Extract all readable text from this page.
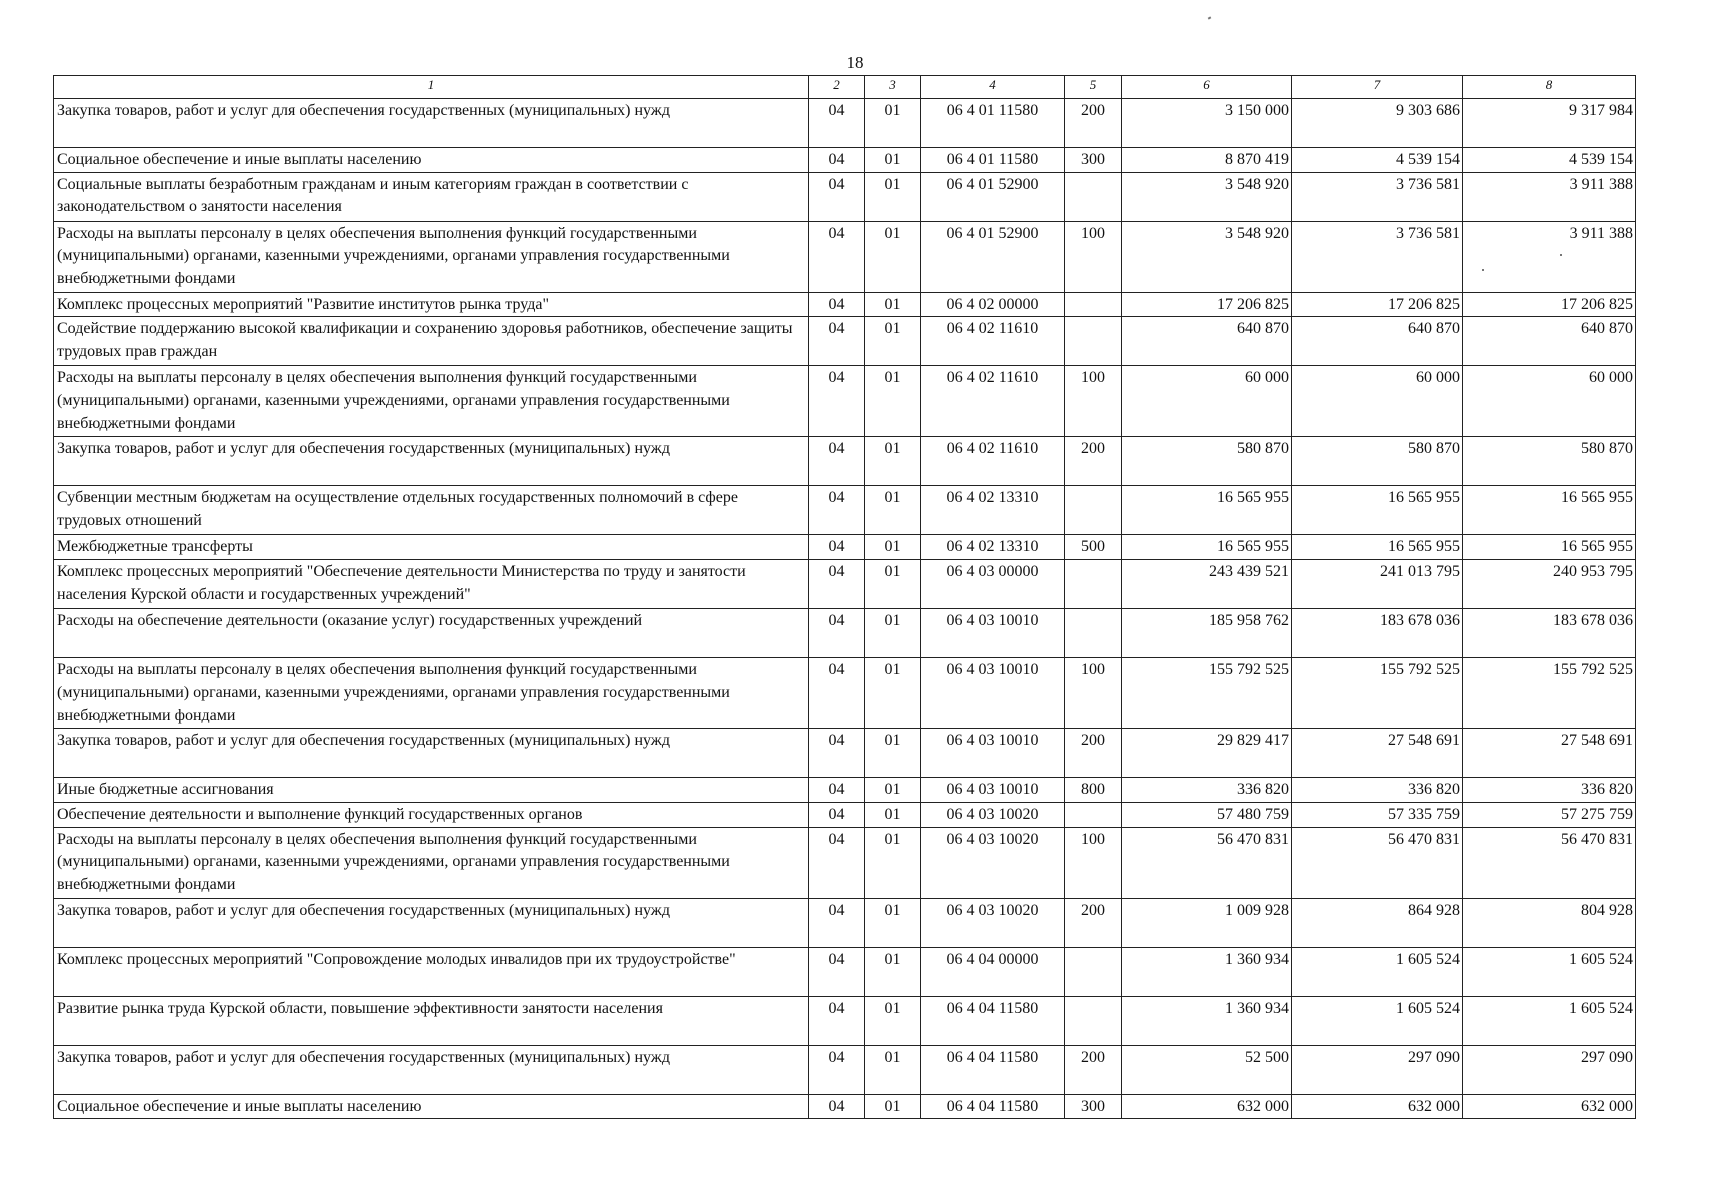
18
1	2	3	4	5	6	7	8
Закупка товаров, работ и услуг для обеспечения государственных (муниципальных) нужд	04	01	06 4 01 11580	200	3 150 000	9 303 686	9 317 984
Социальное обеспечение и иные выплаты населению	04	01	06 4 01 11580	300	8 870 419	4 539 154	4 539 154
Социальные выплаты безработным гражданам и иным категориям граждан в соответствии с законодательством о занятости населения	04	01	06 4 01 52900		3 548 920	3 736 581	3 911 388
Расходы на выплаты персоналу в целях обеспечения выполнения функций государственными (муниципальными) органами, казенными учреждениями, органами управления государственными внебюджетными фондами	04	01	06 4 01 52900	100	3 548 920	3 736 581	3 911 388
Комплекс процессных мероприятий "Развитие институтов рынка труда"	04	01	06 4 02 00000		17 206 825	17 206 825	17 206 825
Содействие поддержанию высокой квалификации и сохранению здоровья работников, обеспечение защиты трудовых прав граждан	04	01	06 4 02 11610		640 870	640 870	640 870
Расходы на выплаты персоналу в целях обеспечения выполнения функций государственными (муниципальными) органами, казенными учреждениями, органами управления государственными внебюджетными фондами	04	01	06 4 02 11610	100	60 000	60 000	60 000
Закупка товаров, работ и услуг для обеспечения государственных (муниципальных) нужд	04	01	06 4 02 11610	200	580 870	580 870	580 870
Субвенции местным бюджетам на осуществление отдельных государственных полномочий в сфере трудовых отношений	04	01	06 4 02 13310		16 565 955	16 565 955	16 565 955
Межбюджетные трансферты	04	01	06 4 02 13310	500	16 565 955	16 565 955	16 565 955
Комплекс процессных мероприятий "Обеспечение деятельности Министерства по труду и занятости населения Курской области и государственных учреждений"	04	01	06 4 03 00000		243 439 521	241 013 795	240 953 795
Расходы на обеспечение деятельности (оказание услуг) государственных учреждений	04	01	06 4 03 10010		185 958 762	183 678 036	183 678 036
Расходы на выплаты персоналу в целях обеспечения выполнения функций государственными (муниципальными) органами, казенными учреждениями, органами управления государственными внебюджетными фондами	04	01	06 4 03 10010	100	155 792 525	155 792 525	155 792 525
Закупка товаров, работ и услуг для обеспечения государственных (муниципальных) нужд	04	01	06 4 03 10010	200	29 829 417	27 548 691	27 548 691
Иные бюджетные ассигнования	04	01	06 4 03 10010	800	336 820	336 820	336 820
Обеспечение деятельности и выполнение функций государственных органов	04	01	06 4 03 10020		57 480 759	57 335 759	57 275 759
Расходы на выплаты персоналу в целях обеспечения выполнения функций государственными (муниципальными) органами, казенными учреждениями, органами управления государственными внебюджетными фондами	04	01	06 4 03 10020	100	56 470 831	56 470 831	56 470 831
Закупка товаров, работ и услуг для обеспечения государственных (муниципальных) нужд	04	01	06 4 03 10020	200	1 009 928	864 928	804 928
Комплекс процессных мероприятий "Сопровождение молодых инвалидов при их трудоустройстве"	04	01	06 4 04 00000		1 360 934	1 605 524	1 605 524
Развитие рынка труда Курской области, повышение эффективности занятости населения	04	01	06 4 04 11580		1 360 934	1 605 524	1 605 524
Закупка товаров, работ и услуг для обеспечения государственных (муниципальных) нужд	04	01	06 4 04 11580	200	52 500	297 090	297 090
Социальное обеспечение и иные выплаты населению	04	01	06 4 04 11580	300	632 000	632 000	632 000
